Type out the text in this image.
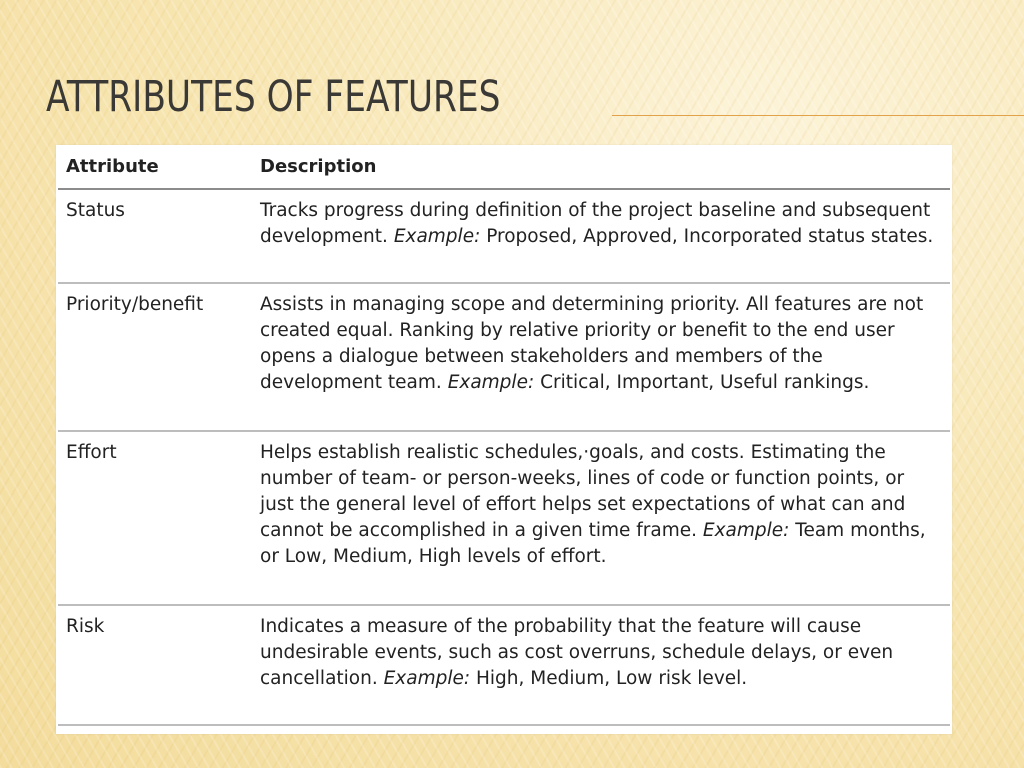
ATTRIBUTES OF FEATURES
Attribute	Description
Status	Tracks progress during definition of the project baseline and subsequent development. Example: Proposed, Approved, Incorporated status states.
Priority/benefit	Assists in managing scope and determining priority. All features are not created equal. Ranking by relative priority or benefit to the end user opens a dialogue between stakeholders and members of the development team. Example: Critical, Important, Useful rankings.
Effort	Helps establish realistic schedules,·goals, and costs. Estimating the number of team- or person-weeks, lines of code or function points, or just the general level of effort helps set expectations of what can and cannot be accomplished in a given time frame. Example: Team months, or Low, Medium, High levels of effort.
Risk	Indicates a measure of the probability that the feature will cause undesirable events, such as cost overruns, schedule delays, or even cancellation. Example: High, Medium, Low risk level.
